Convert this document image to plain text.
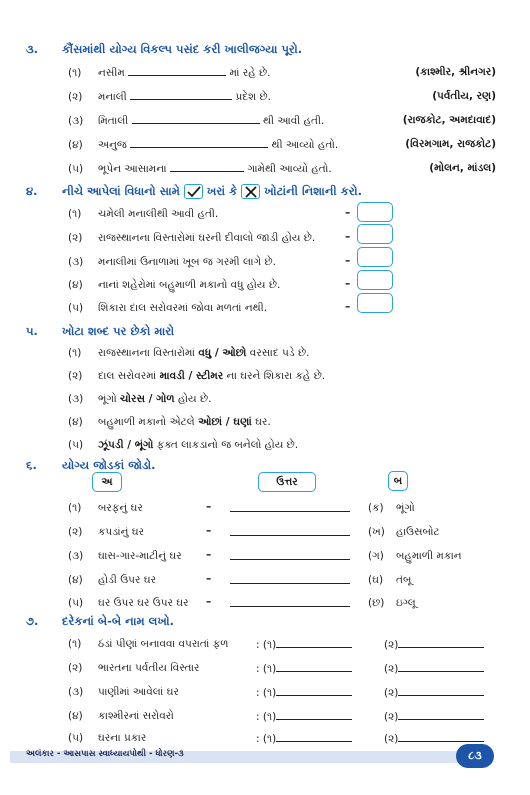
૩. કૌંસમાંથી યોગ્ય વિકલ્પ પસંદ કરી ખાલીજગ્યા પૂરો.
(૧) નસીમ	માં રહે છે.	(કાશ્મીર, શ્રીનગર)
(૨) મનાલી	પ્રદેશ છે.	(પર્વતીય, રણ)
(૩) મિતાલી	થી આવી હતી.	(રાજકોટ, અમદાવાદ)
(૪) અનુજ	થી આવ્યો હતો.	(વિરમગામ, રાજકોટ)
(૫) ભૂપેન આસામના	ગામેથી આવ્યો હતો.	(મોલન, માંડલ)
૪. નીચે આપેલાં વિધાનો સામે ખરાં કે ખોટાંની નિશાની કરો.
(૧) ચમેલી મનાલીથી આવી હતી.	–
(૨) રાજસ્થાનના વિસ્તારોમાં ઘરની દીવાલો જાડી હોય છે.	–
(૩) મનાલીમાં ઉનાળામાં ખૂબ જ ગરમી લાગે છે.	–
(૪) નાનાં શહેરોમાં બહુમાળી મકાનો વધુ હોય છે.	–
(૫) શિકારા દાલ સરોવરમાં જોવા મળતાં નથી.	–
૫. ખોટા શબ્દ પર છેકો મારો
(૧) રાજસ્થાનના વિસ્તારોમાં વધુ / ઓછો વરસાદ પડે છે.
(૨) દાલ સરોવરમાં માવડી / સ્ટીમર ના ઘરને શિકારા કહે છે.
(૩) ભૂંગો ચોરસ / ગોળ હોય છે.
(૪) બહુમાળી મકાનો એટલે ઓછાં / ઘણાં ઘર.
(૫) ઝૂંપડી / ભૂંગો ફક્ત લાકડાનો જ બનેલો હોય છે.
૬. યોગ્ય જોડકાં જોડો.
અ	ઉત્તર	બ
(૧) બરફનું ઘર	–	(ક) ભૂંગો
(૨) કપડાંનું ઘર	–	(ખ) હાઉસબોટ
(૩) ઘાસ-ગાર-માટીનું ઘર –	(ગ) બહુમાળી મકાન
(૪) હોડી ઉપર ઘર	–	(ઘ) તંબૂ
(૫) ઘર ઉપર ઘર ઉપર ઘર –	(છ) ઇગ્લૂ
૭. દરેકનાં બે-બે નામ લખો.
(૧) ઠંડાં પીણાં બનાવવા વપરાતાં ફળ	: (૧)	(૨)
(૨) ભારતના પર્વતીય વિસ્તાર	: (૧)	(૨)
(૩) પાણીમાં આવેલાં ઘર	: (૧)	(૨)
(૪) કાશ્મીરનાં સરોવરો	: (૧)	(૨)
(૫) ઘરના પ્રકાર	: (૧)	(૨)
અલંકાર - આસપાસ સ્વાધ્યાયપોથી - ધોરણ-૩	૮૩
